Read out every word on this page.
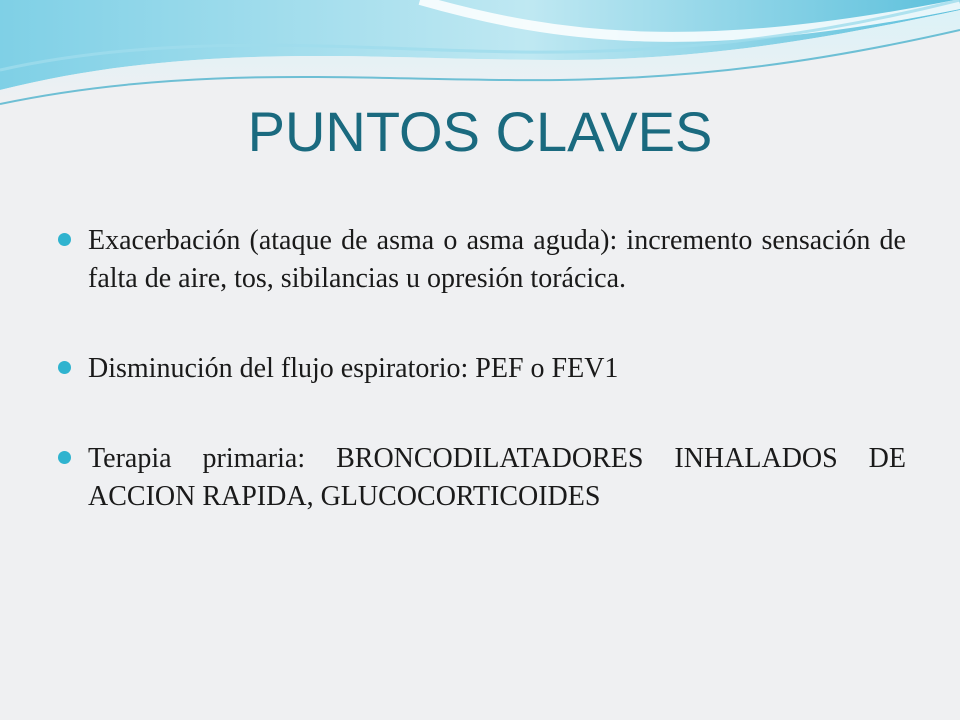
PUNTOS CLAVES
Exacerbación (ataque de asma o asma aguda): incremento sensación de falta de aire, tos, sibilancias u opresión torácica.
Disminución del flujo espiratorio: PEF o FEV1
Terapia primaria: BRONCODILATADORES INHALADOS DE ACCION RAPIDA, GLUCOCORTICOIDES
